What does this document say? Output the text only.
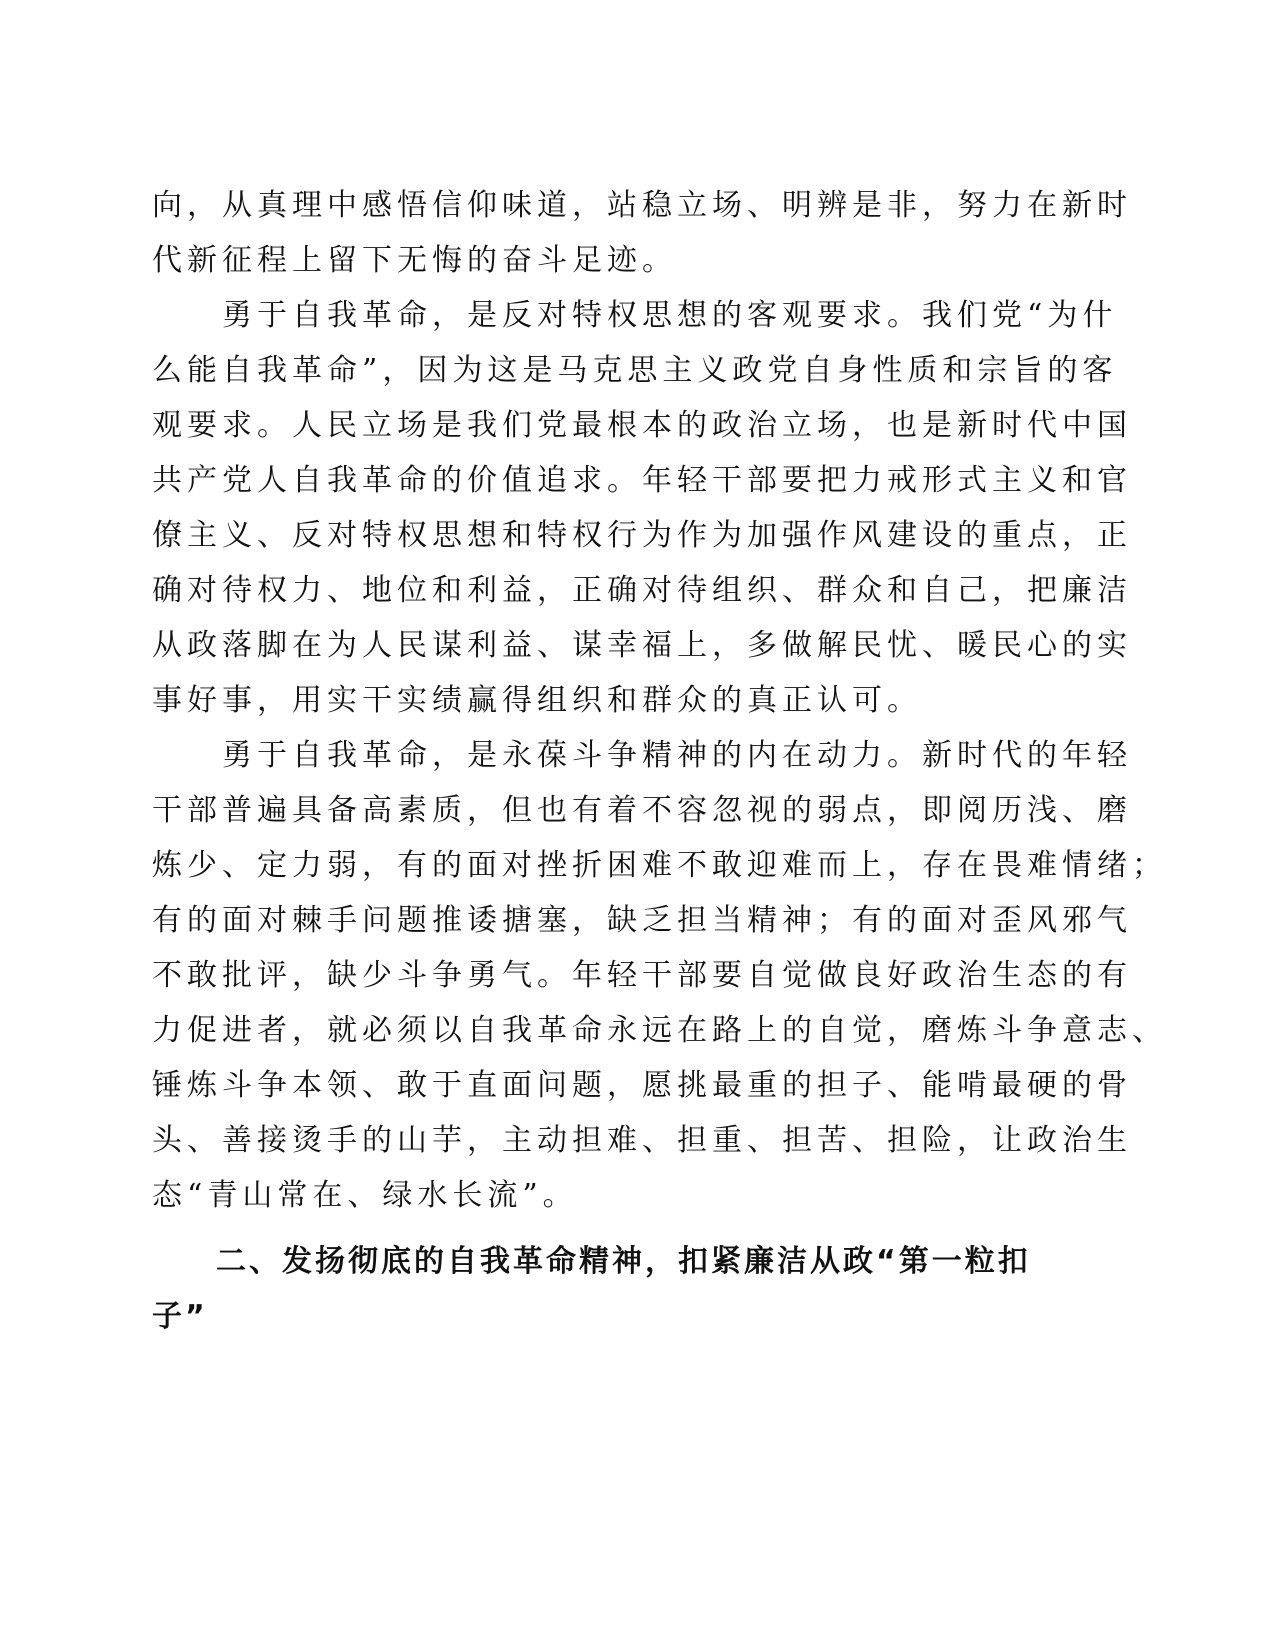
向，从真理中感悟信仰味道，站稳立场、明辨是非，努力在新时
代新征程上留下无悔的奋斗足迹。
勇于自我革命，是反对特权思想的客观要求。我们党“为什
么能自我革命”，因为这是马克思主义政党自身性质和宗旨的客
观要求。人民立场是我们党最根本的政治立场，也是新时代中国
共产党人自我革命的价值追求。年轻干部要把力戒形式主义和官
僚主义、反对特权思想和特权行为作为加强作风建设的重点，正
确对待权力、地位和利益，正确对待组织、群众和自己，把廉洁
从政落脚在为人民谋利益、谋幸福上，多做解民忧、暖民心的实
事好事，用实干实绩赢得组织和群众的真正认可。
勇于自我革命，是永葆斗争精神的内在动力。新时代的年轻
干部普遍具备高素质，但也有着不容忽视的弱点，即阅历浅、磨
炼少、定力弱，有的面对挫折困难不敢迎难而上，存在畏难情绪；
有的面对棘手问题推诿搪塞，缺乏担当精神；有的面对歪风邪气
不敢批评，缺少斗争勇气。年轻干部要自觉做良好政治生态的有
力促进者，就必须以自我革命永远在路上的自觉，磨炼斗争意志、
锤炼斗争本领、敢于直面问题，愿挑最重的担子、能啃最硬的骨
头、善接烫手的山芋，主动担难、担重、担苦、担险，让政治生
态“青山常在、绿水长流”。
二、发扬彻底的自我革命精神，扣紧廉洁从政“第一粒扣
子”
